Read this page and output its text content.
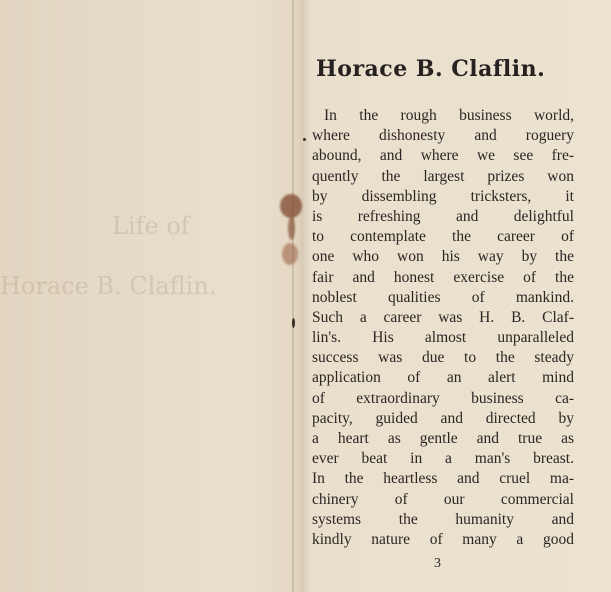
Life of
Horace B. Claflin.
Horace B. Claflin.
In the rough business world,
where dishonesty and roguery
abound, and where we see fre-
quently the largest prizes won
by dissembling tricksters, it
is refreshing and delightful
to contemplate the career of
one who won his way by the
fair and honest exercise of the
noblest qualities of mankind.
Such a career was H. B. Claf-
lin's. His almost unparalleled
success was due to the steady
application of an alert mind
of extraordinary business ca-
pacity, guided and directed by
a heart as gentle and true as
ever beat in a man's breast.
In the heartless and cruel ma-
chinery of our commercial
systems the humanity and
kindly nature of many a good
3
